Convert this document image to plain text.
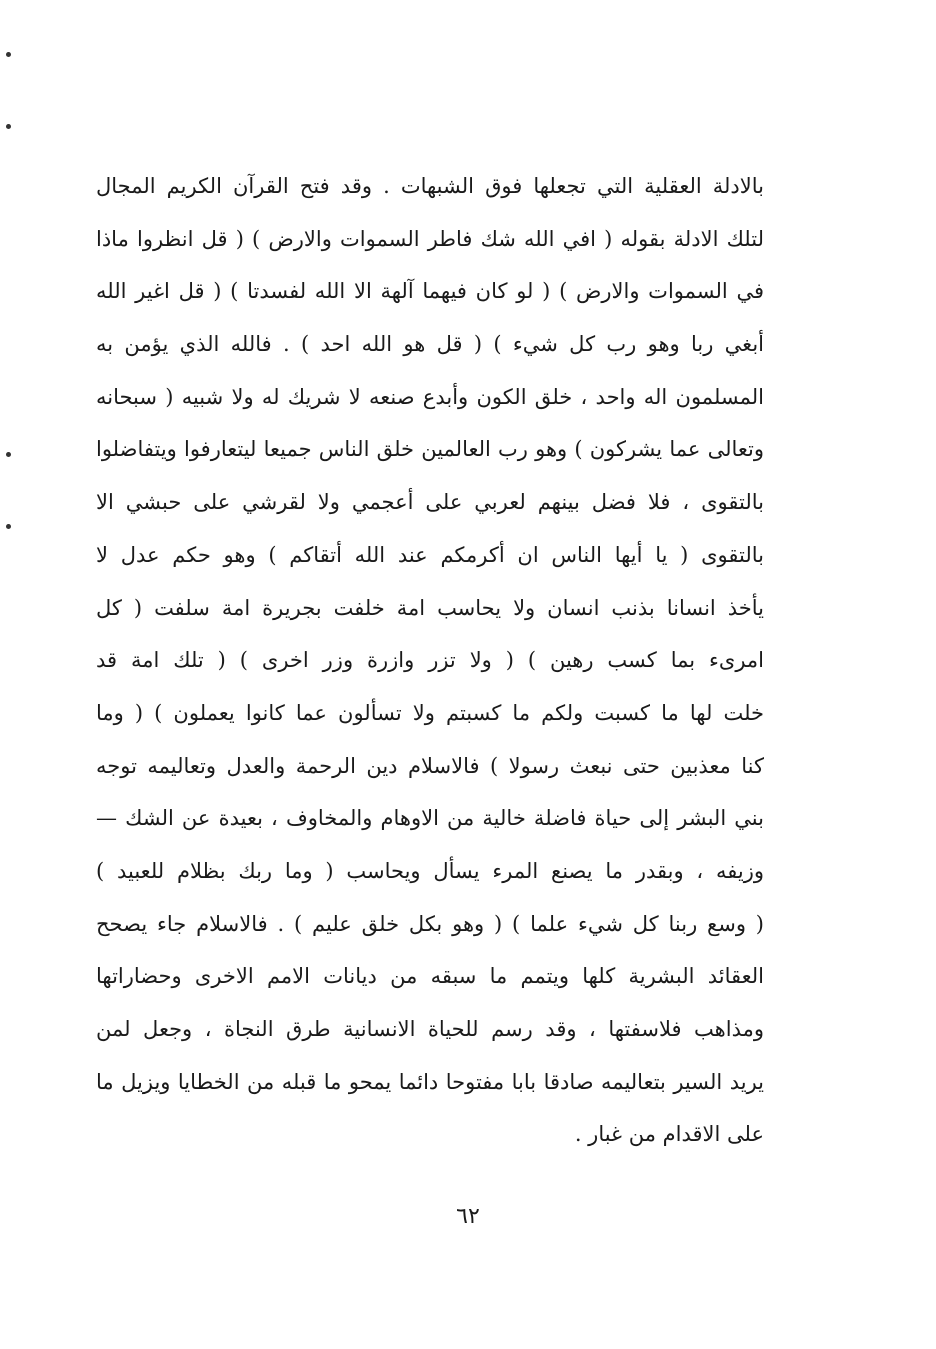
بالادلة العقلية التي تجعلها فوق الشبهات . وقد فتح القرآن الكريم المجال
لتلك الادلة بقوله ( افي الله شك فاطر السموات والارض ) ( قل انظروا ماذا
في السموات والارض ) ( لو كان فيهما آلهة الا الله لفسدتا ) ( قل اغير الله
أبغي ربا وهو رب كل شيء ) ( قل هو الله احد ) . فالله الذي يؤمن به
المسلمون اله واحد ، خلق الكون وأبدع صنعه لا شريك له ولا شبيه ( سبحانه
وتعالى عما يشركون ) وهو رب العالمين خلق الناس جميعا ليتعارفوا ويتفاضلوا
بالتقوى ، فلا فضل بينهم لعربي على أعجمي ولا لقرشي على حبشي الا
بالتقوى ( يا أيها الناس ان أكرمكم عند الله أتقاكم ) وهو حكم عدل لا
يأخذ انسانا بذنب انسان ولا يحاسب امة خلفت بجريرة امة سلفت ( كل
امرىء بما كسب رهين ) ( ولا تزر وازرة وزر اخرى ) ( تلك امة قد
خلت لها ما كسبت ولكم ما كسبتم ولا تسألون عما كانوا يعملون ) ( وما
كنا معذبين حتى نبعث رسولا ) فالاسلام دين الرحمة والعدل وتعاليمه توجه
بني البشر إلى حياة فاضلة خالية من الاوهام والمخاوف ، بعيدة عن الشك —
وزيفه ، وبقدر ما يصنع المرء يسأل ويحاسب ( وما ربك بظلام للعبيد )
( وسع ربنا كل شيء علما ) ( وهو بكل خلق عليم ) . فالاسلام جاء يصحح
العقائد البشرية كلها ويتمم ما سبقه من ديانات الامم الاخرى وحضاراتها
ومذاهب فلاسفتها ، وقد رسم للحياة الانسانية طرق النجاة ، وجعل لمن
يريد السير بتعاليمه صادقا بابا مفتوحا دائما يمحو ما قبله من الخطايا ويزيل ما
على الاقدام من غبار .
٦٢
